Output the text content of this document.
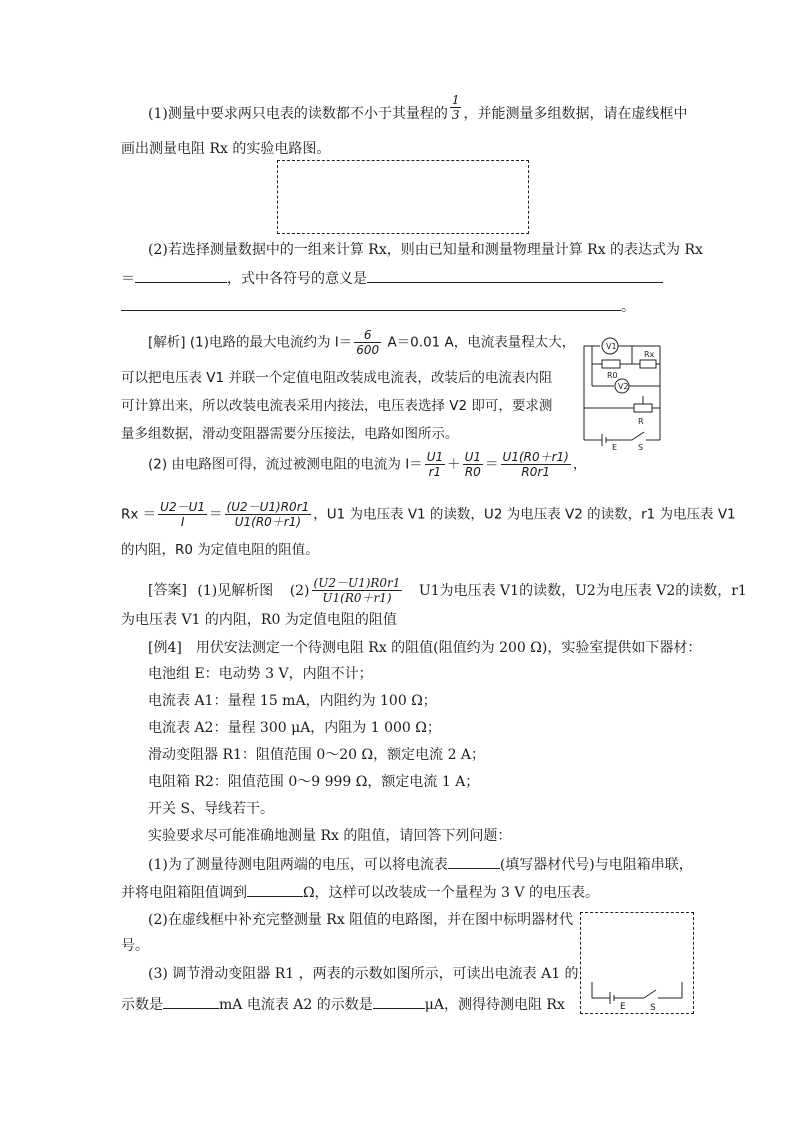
(1)测量中要求两只电表的读数都不小于其量程的 $\frac{1}{3}$ ，并能测量多组数据，请在虚线框中
画出测量电阻 Rx 的实验电路图。
(2)若选择测量数据中的一组来计算 Rx，则由已知量和测量物理量计算 Rx 的表达式为 Rx
＝	，式中各符号的意义是
。
[解析] (1)电路的最大电流约为 $I= \frac{6}{600} A=0.01$ A，电流表量程太大，
可以把电压表 V1 并联一个定值电阻改装成电流表，改装后的电流表内阻
可计算出来，所以改装电流表采用内接法，电压表选择 V2 即可，要求测
量多组数据，滑动变阻器需要分压接法，电路如图所示。
(2) 由电路图可得，流过被测电阻的电流为 $I= \frac{U1}{r1} + \frac{U1}{R0} = \frac{U1(R0+r1)}{R0r1}$ ，
$Rx = \frac{U2-U1}{I} = \frac{(U2-U1)R0r1}{U1(R0+r1)}$ ，U1 为电压表 V1 的读数，U2 为电压表 V2 的读数，r1 为电压表 V1
的内阻，R0 为定值电阻的阻值。
V1
Rx
R0
V2
R
E	S
[答案] (1)见解析图 $(2) \frac{(U2-U1)R0r1}{U1(R0+r1)} U1$为电压表 V1的读数，U2为电压表 V2的读数，r1
为电压表 V1 的内阻，R0 为定值电阻的阻值
[例4]　用伏安法测定一个待测电阻 Rx 的阻值(阻值约为 200 Ω)，实验室提供如下器材：
电池组 E：电动势 3 V，内阻不计；
电流表 A1：量程 15 mA，内阻约为 100 Ω；
电流表 A2：量程 300 μA，内阻为 1 000 Ω；
滑动变阻器 R1：阻值范围 0～20 Ω，额定电流 2 A；
电阻箱 R2：阻值范围 0～9 999 Ω，额定电流 1 A；
开关 S、导线若干。
实验要求尽可能准确地测量 Rx 的阻值，请回答下列问题：
(1)为了测量待测电阻两端的电压，可以将电流表	(填写器材代号)与电阻箱串联，
并将电阻箱阻值调到	Ω，这样可以改装成一个量程为 3 V 的电压表。
(2)在虚线框中补充完整测量 Rx 阻值的电路图，并在图中标明器材代
号。
(3) 调节滑动变阻器 R1 ，两表的示数如图所示，可读出电流表 A1 的
示数是	mA 电流表 A2 的示数是	μA，测得待测电阻 Rx	E	S
